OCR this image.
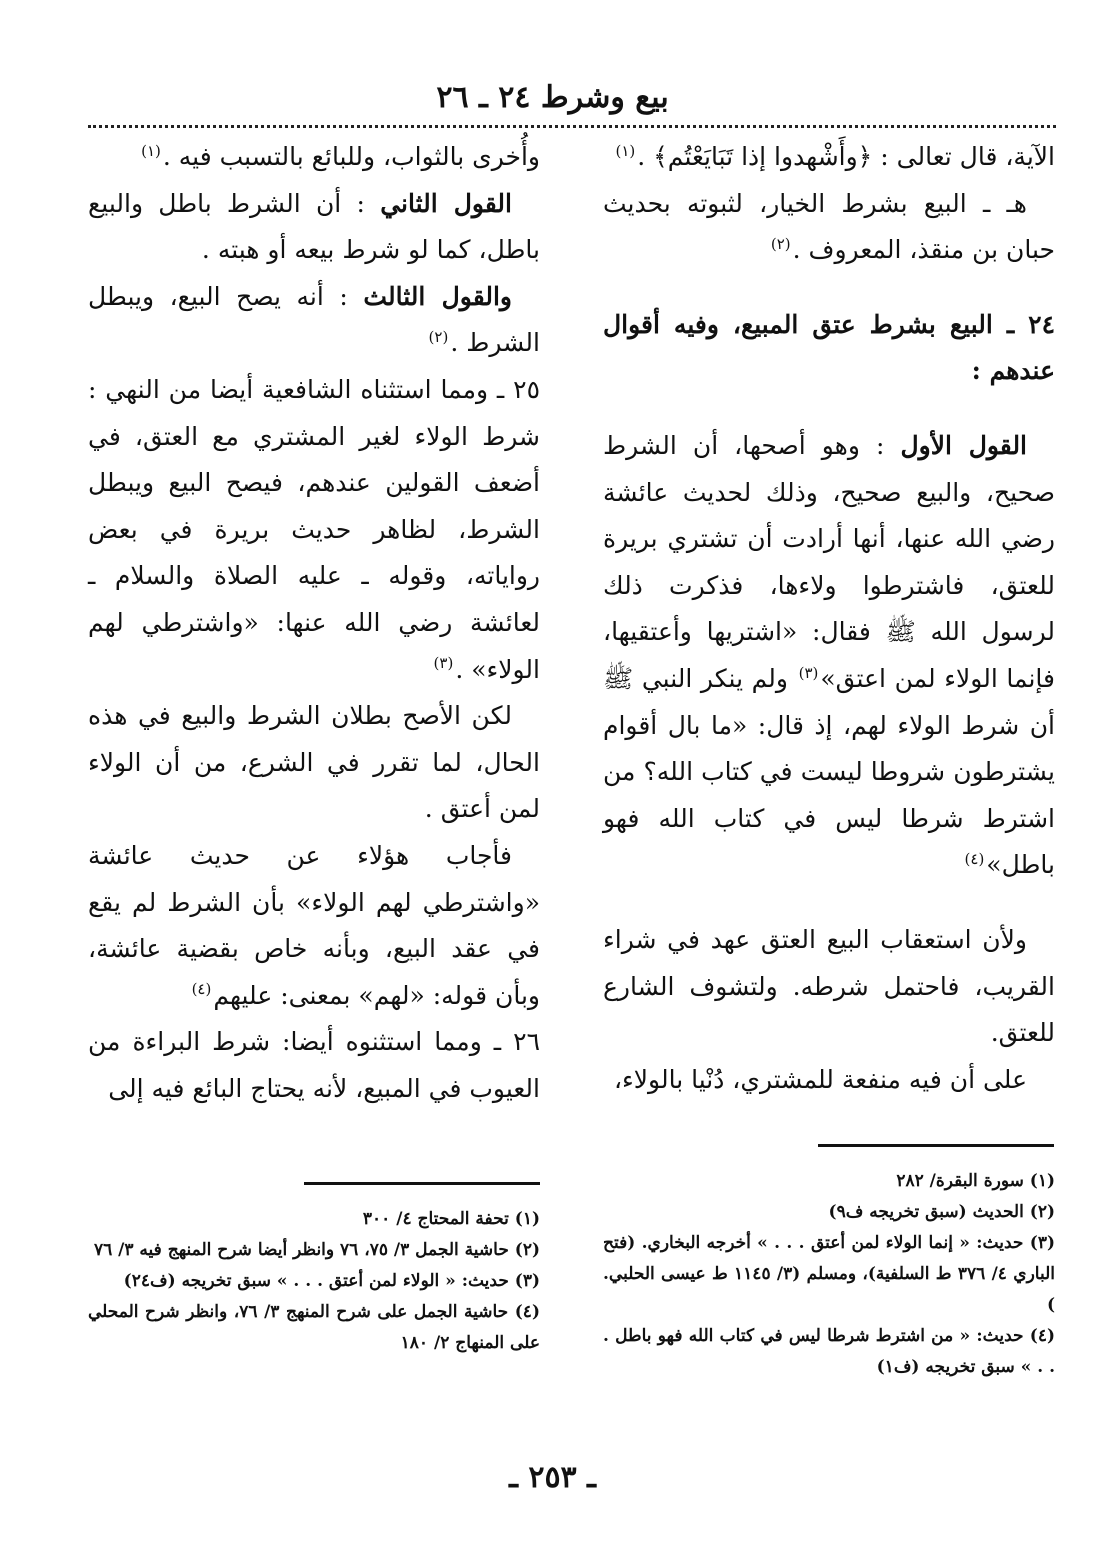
بيع وشرط ٢٤ ـ ٢٦

الآية، قال تعالى : ﴿وأَشْهدوا إذا تَبَايَعْتُم﴾ .$^{(١)}$

هـ ـ البيع بشرط الخيار، لثبوته بحديث حبان بن منقذ، المعروف .$^{(٢)}$

٢٤ ـ البيع بشرط عتق المبيع، وفيه أقوال عندهم :

القول الأول : وهو أصحها، أن الشرط صحيح، والبيع صحيح، وذلك لحديث عائشة رضي الله عنها، أنها أرادت أن تشتري بريرة للعتق، فاشترطوا ولاءها، فذكرت ذلك لرسول الله ﷺ فقال: «اشتريها وأعتقيها، فإنما الولاء لمن اعتق»$^{(٣)}$ ولم ينكر النبي ﷺ أن شرط الولاء لهم، إذ قال: «ما بال أقوام يشترطون شروطا ليست في كتاب الله؟ من اشترط شرطا ليس في كتاب الله فهو باطل»$^{(٤)}$

ولأن استعقاب البيع العتق عهد في شراء القريب، فاحتمل شرطه. ولتشوف الشارع للعتق.

على أن فيه منفعة للمشتري، دُنْيا بالولاء،

وأُخرى بالثواب، وللبائع بالتسبب فيه .$^{(١)}$

القول الثاني : أن الشرط باطل والبيع باطل، كما لو شرط بيعه أو هبته .

والقول الثالث : أنه يصح البيع، ويبطل الشرط .$^{(٢)}$

٢٥ ـ ومما استثناه الشافعية أيضا من النهي : شرط الولاء لغير المشتري مع العتق، في أضعف القولين عندهم، فيصح البيع ويبطل الشرط، لظاهر حديث بريرة في بعض رواياته، وقوله ـ عليه الصلاة والسلام ـ لعائشة رضي الله عنها: «واشترطي لهم الولاء» .$^{(٣)}$

لكن الأصح بطلان الشرط والبيع في هذه الحال، لما تقرر في الشرع، من أن الولاء لمن أعتق .

فأجاب هؤلاء عن حديث عائشة «واشترطي لهم الولاء» بأن الشرط لم يقع في عقد البيع، وبأنه خاص بقضية عائشة، وبأن قوله: «لهم» بمعنى: عليهم$^{(٤)}$

٢٦ ـ ومما استثنوه أيضا: شرط البراءة من العيوب في المبيع، لأنه يحتاج البائع فيه إلى

(١) سورة البقرة/ ٢٨٢

(٢) الحديث (سبق تخريجه ف٩)

(٣) حديث: « إنما الولاء لمن أعتق . . . » أخرجه البخاري. (فتح الباري ٤/ ٣٧٦ ط السلفية)، ومسلم (٣/ ١١٤٥ ط عيسى الحلبي. )

(٤) حديث: « من اشترط شرطا ليس في كتاب الله فهو باطل . . . » سبق تخريجه (ف١)

(١) تحفة المحتاج ٤/ ٣٠٠

(٢) حاشية الجمل ٣/ ٧٥، ٧٦ وانظر أيضا شرح المنهج فيه ٣/ ٧٦

(٣) حديث: « الولاء لمن أعتق . . . » سبق تخريجه (ف٢٤)

(٤) حاشية الجمل على شرح المنهج ٣/ ٧٦، وانظر شرح المحلي على المنهاج ٢/ ١٨٠

ـ ٢٥٣ ـ
